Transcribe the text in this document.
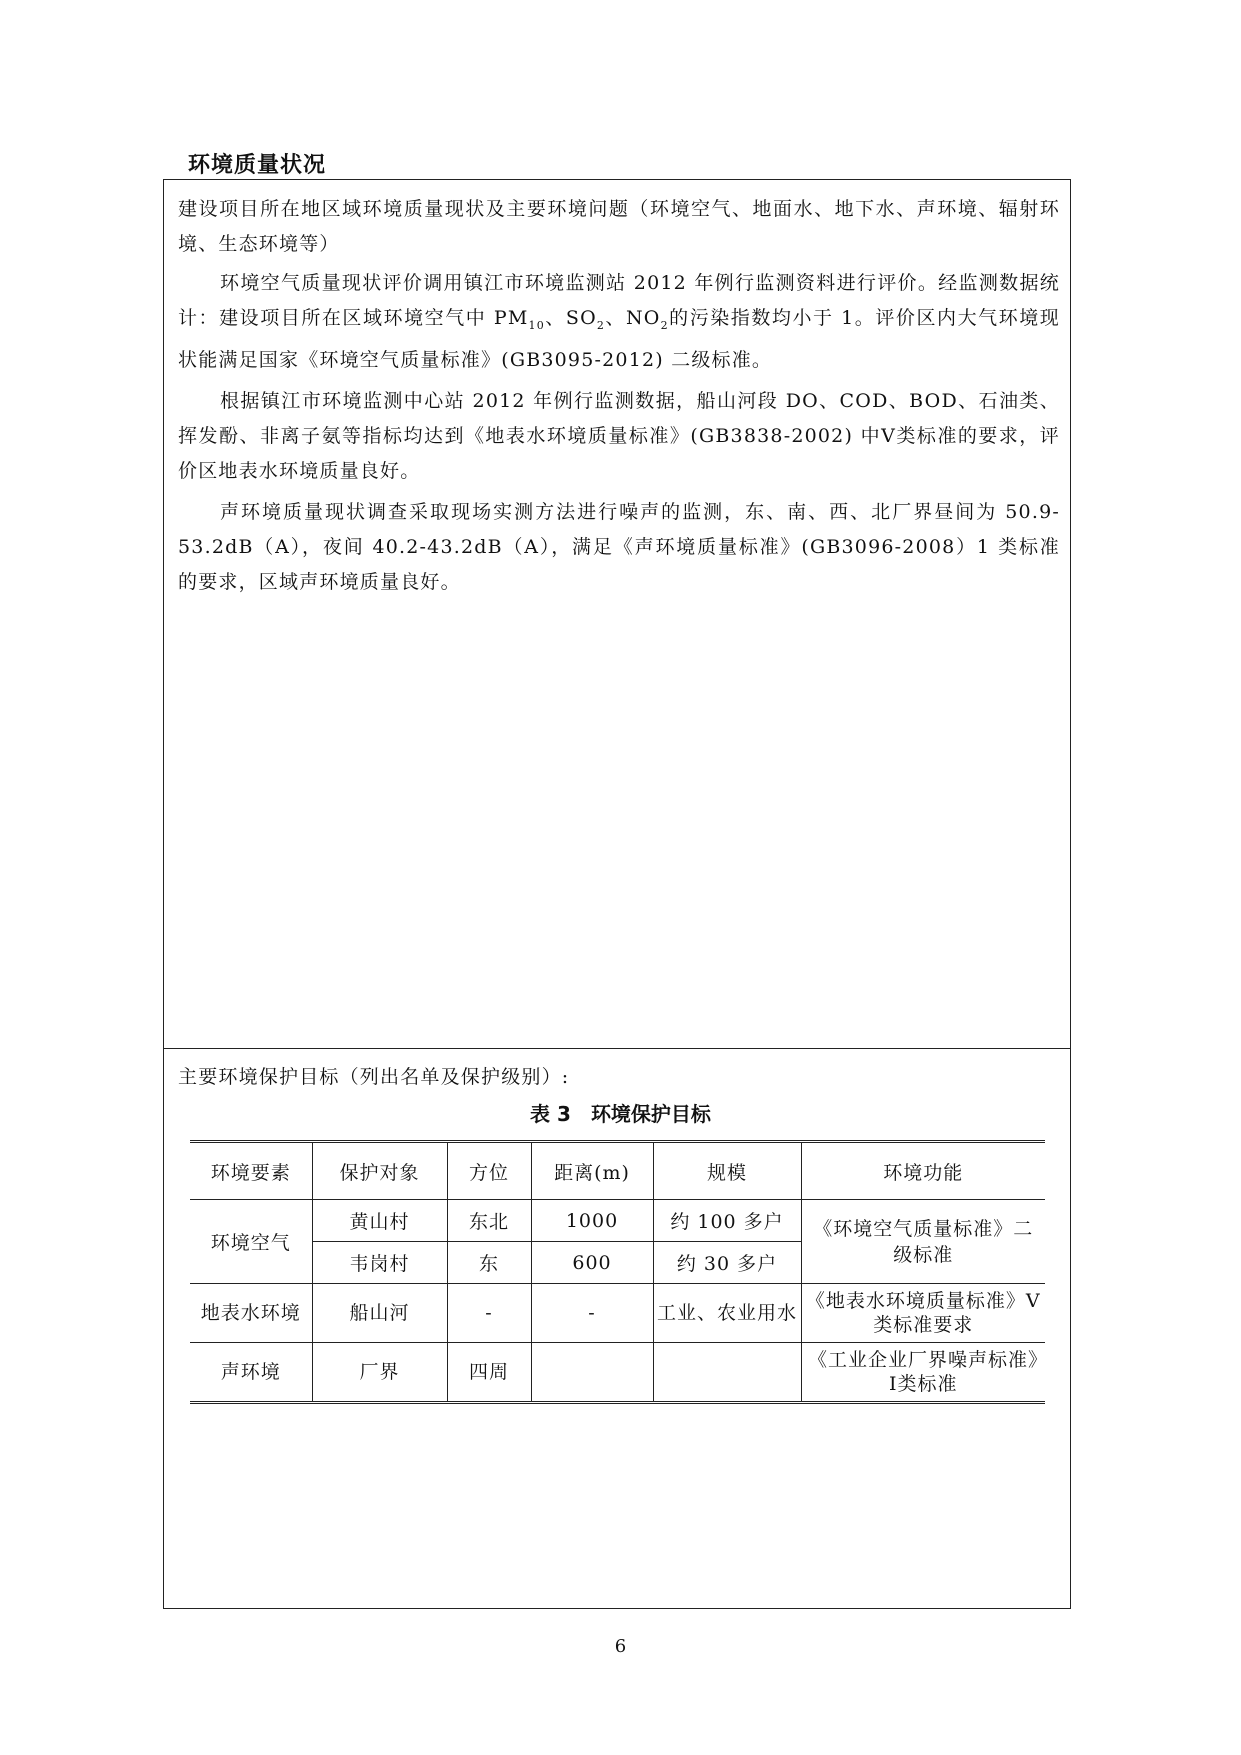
环境质量状况

建设项目所在地区域环境质量现状及主要环境问题（环境空气、地面水、地下水、声环境、辐射环境、生态环境等）

环境空气质量现状评价调用镇江市环境监测站 2012 年例行监测资料进行评价。经监测数据统计：建设项目所在区域环境空气中 $PM_{10}$、$SO_2$、$NO_2$的污染指数均小于 1。评价区内大气环境现状能满足国家《环境空气质量标准》(GB3095-2012) 二级标准。

根据镇江市环境监测中心站 2012 年例行监测数据，船山河段 DO、COD、BOD、石油类、挥发酚、非离子氨等指标均达到《地表水环境质量标准》(GB3838-2002) 中Ⅴ类标准的要求，评价区地表水环境质量良好。

声环境质量现状调查采取现场实测方法进行噪声的监测，东、南、西、北厂界昼间为 50.9-53.2dB（A），夜间 40.2-43.2dB（A），满足《声环境质量标准》(GB3096-2008）1 类标准的要求，区域声环境质量良好。

主要环境保护目标（列出名单及保护级别）:
表 3 环境保护目标
环境要素	保护对象	方位	距离(m)	规模	环境功能
环境空气	黄山村	东北	1000	约 100 多户	《环境空气质量标准》二级标准
	韦岗村	东	600	约 30 多户	
地表水环境	船山河	-	-	工业、农业用水	《地表水环境质量标准》Ⅴ类标准要求
声环境	厂界	四周			《工业企业厂界噪声标准》Ⅰ类标准
6
